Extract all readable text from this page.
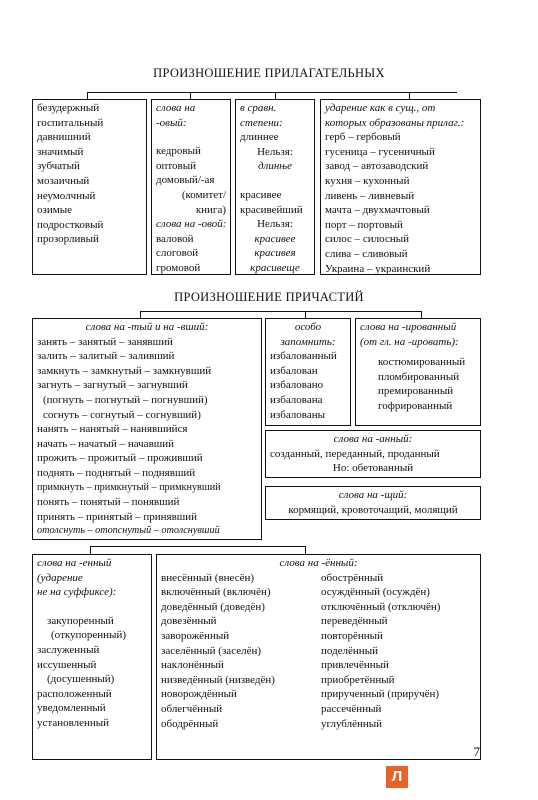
ПРОИЗНОШЕНИЕ ПРИЛАГАТЕЛЬНЫХ
безудержный
госпитальный
давнишний
значимый
зубчатый
мозаичный
неумолчный
озимые
подростковый
прозорливый
слова на
-овый:
кедровый
оптовый
домовый/-ая
(комитет/
книга)
слова на -овой:
валовой
слоговой
громовой
в сравн.
степени:
длиннее
Нельзя:
длинње
красивее
красивейший
Нельзя:
красивее
красивея
красивеще
ударение как в сущ., от
которых образованы прилаг.:
герб – гербовый
гусеница – гусеничный
завод – автозаводский
кухня – кухонный
ливень – ливневый
мачта – двухмачтовый
порт – портовый
силос – силосный
слива – сливовый
Украина – украинский
ПРОИЗНОШЕНИЕ ПРИЧАСТИЙ
слова на -тый и на -вший:
занять – занятый – занявший
залить – залитый – заливший
замкнуть – замкнутый – замкнувший
загнуть – загнутый – загнувший
(погнуть – погнутый – погнувший)
согнуть – согнутый – согнувший)
нанять – нанятый – нанявшийся
начать – начатый – начавший
прожить – прожитый – проживший
поднять – поднятый – поднявший
примкнуть – примкнутый – примкнувший
понять – понятый – понявший
принять – принятый – принявший
отолснуть – отопснутый – отолснувший
особо
запомнить:
избалованный
избалован
избаловано
избалована
избалованы
слова на -ированный
(от гл. на -ировать):
костюмированный
пломбированный
премированный
гофрированный
слова на -анный:
созданный, переданный, проданный
Но: обетованный
слова на -щий:
кормящий, кровоточащий, молящий
слова на -енный
(ударение
не на суффиксе):
закупоренный
(откупоренный)
заслуженный
иссушенный
(досушенный)
расположенный
уведомленный
установленный
слова на -ённый:
внесённый (внесён)
включённый (включён)
доведённый (доведён)
довезённый
заворожённый
заселённый (заселён)
наклонённый
низведённый (низведён)
новорождённый
облегчённый
ободрённый
обострённый
осуждённый (осуждён)
отключённый (отключён)
переведённый
повторённый
поделённый
привлечённый
приобретённый
прирученный (приручён)
рассечённый
углублённый
7
Л
